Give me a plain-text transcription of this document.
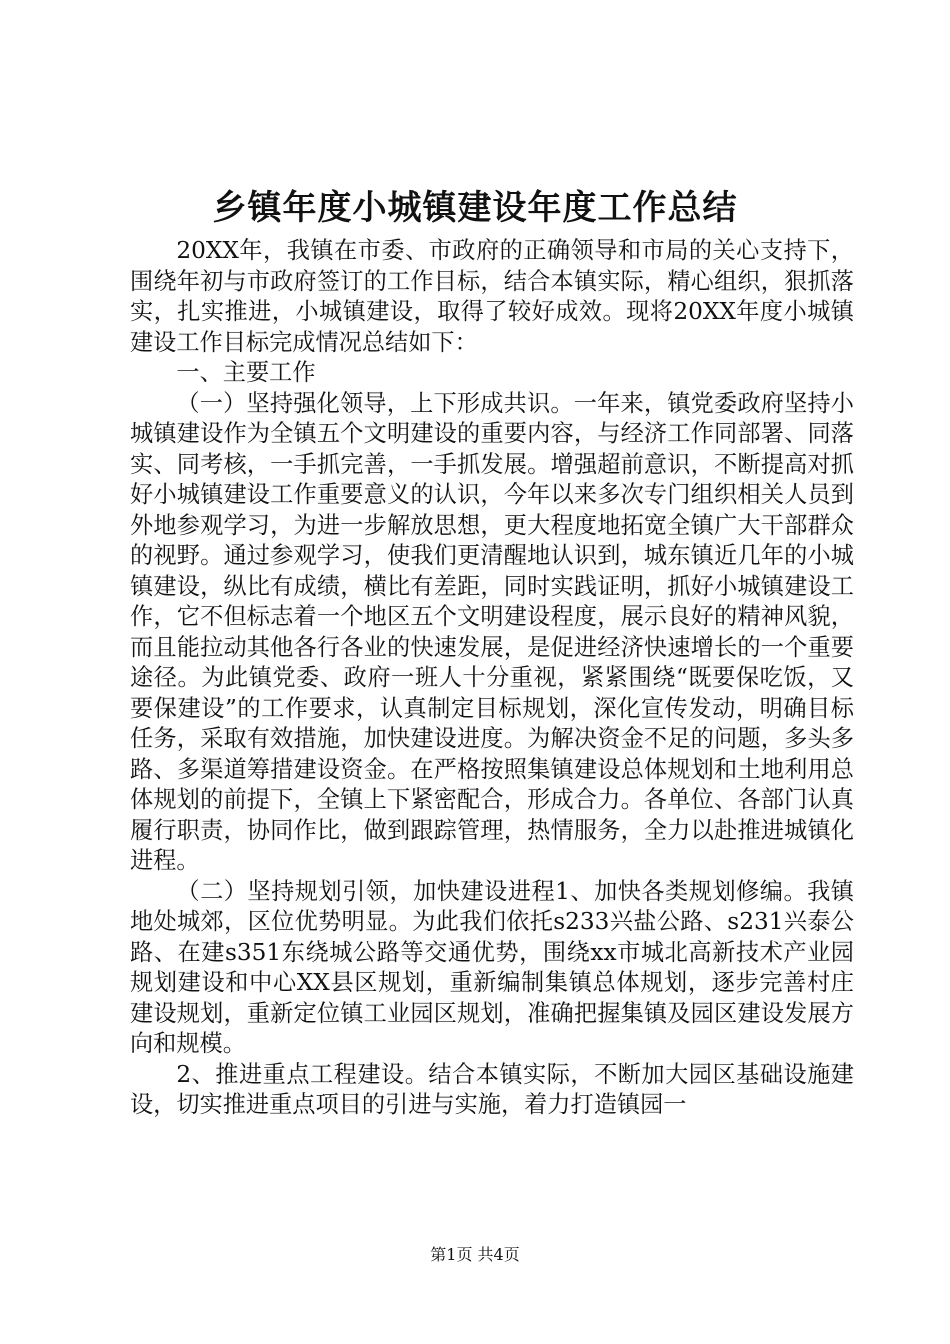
乡镇年度小城镇建设年度工作总结

20XX年，我镇在市委、市政府的正确领导和市局的关心支持下，围绕年初与市政府签订的工作目标，结合本镇实际，精心组织，狠抓落实，扎实推进，小城镇建设，取得了较好成效。现将20XX年度小城镇建设工作目标完成情况总结如下：

一、主要工作

（一）坚持强化领导，上下形成共识。一年来，镇党委政府坚持小城镇建设作为全镇五个文明建设的重要内容，与经济工作同部署、同落实、同考核，一手抓完善，一手抓发展。增强超前意识，不断提高对抓好小城镇建设工作重要意义的认识，今年以来多次专门组织相关人员到外地参观学习，为进一步解放思想，更大程度地拓宽全镇广大干部群众的视野。通过参观学习，使我们更清醒地认识到，城东镇近几年的小城镇建设，纵比有成绩，横比有差距，同时实践证明，抓好小城镇建设工作，它不但标志着一个地区五个文明建设程度，展示良好的精神风貌，而且能拉动其他各行各业的快速发展，是促进经济快速增长的一个重要途径。为此镇党委、政府一班人十分重视，紧紧围绕“既要保吃饭，又要保建设”的工作要求，认真制定目标规划，深化宣传发动，明确目标任务，采取有效措施，加快建设进度。为解决资金不足的问题，多头多路、多渠道筹措建设资金。在严格按照集镇建设总体规划和土地利用总体规划的前提下，全镇上下紧密配合，形成合力。各单位、各部门认真履行职责，协同作比，做到跟踪管理，热情服务，全力以赴推进城镇化进程。

（二）坚持规划引领，加快建设进程1、加快各类规划修编。我镇地处城郊，区位优势明显。为此我们依托s233兴盐公路、s231兴泰公路、在建s351东绕城公路等交通优势，围绕xx市城北高新技术产业园规划建设和中心XX县区规划，重新编制集镇总体规划，逐步完善村庄建设规划，重新定位镇工业园区规划，准确把握集镇及园区建设发展方向和规模。

2、推进重点工程建设。结合本镇实际，不断加大园区基础设施建设，切实推进重点项目的引进与实施，着力打造镇园一

第1页 共4页
